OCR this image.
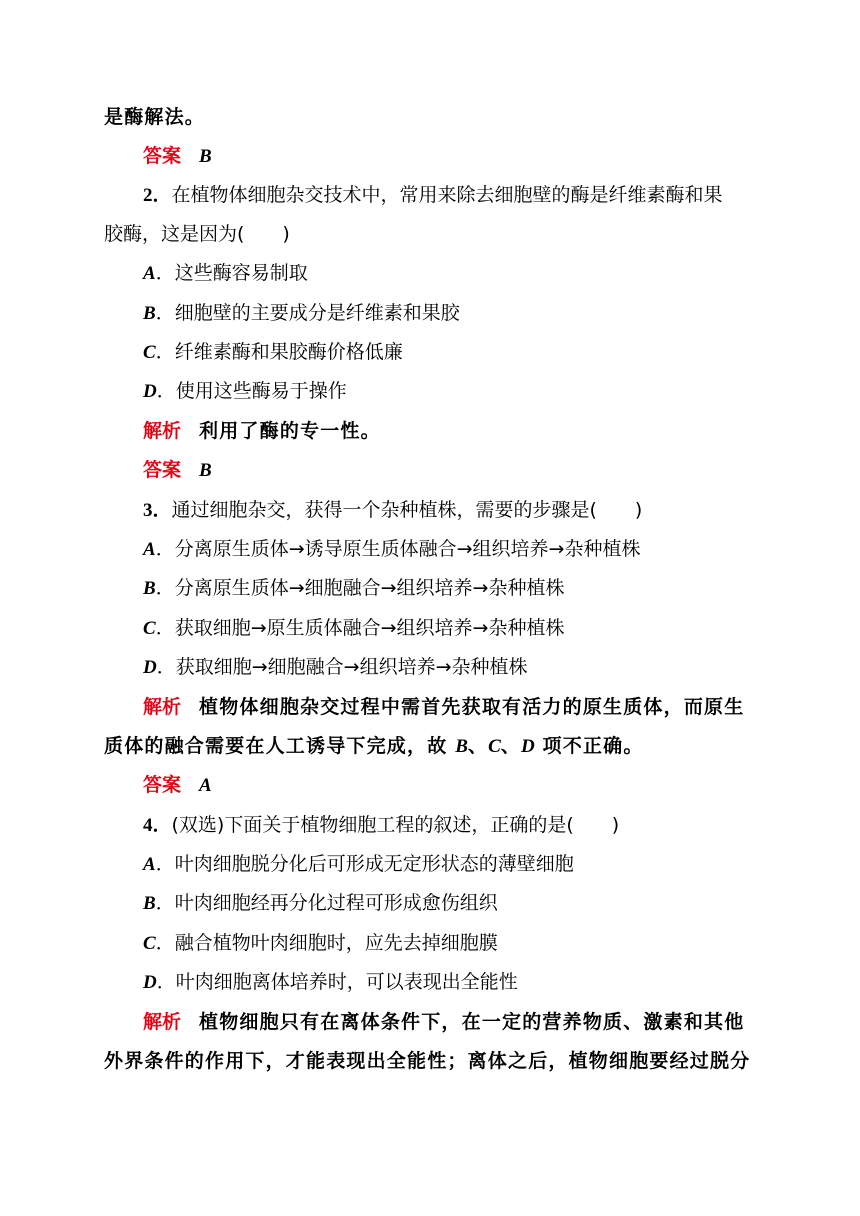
是酶解法。
答案 B
2．在植物体细胞杂交技术中，常用来除去细胞壁的酶是纤维素酶和果
胶酶，这是因为(　　)
A．这些酶容易制取
B．细胞壁的主要成分是纤维素和果胶
C．纤维素酶和果胶酶价格低廉
D．使用这些酶易于操作
解析 利用了酶的专一性。
答案 B
3．通过细胞杂交，获得一个杂种植株，需要的步骤是(　　)
A．分离原生质体→诱导原生质体融合→组织培养→杂种植株
B．分离原生质体→细胞融合→组织培养→杂种植株
C．获取细胞→原生质体融合→组织培养→杂种植株
D．获取细胞→细胞融合→组织培养→杂种植株
解析 植物体细胞杂交过程中需首先获取有活力的原生质体，而原生
质体的融合需要在人工诱导下完成，故 B、C、D 项不正确。
答案 A
4．(双选)下面关于植物细胞工程的叙述，正确的是(　　)
A．叶肉细胞脱分化后可形成无定形状态的薄壁细胞
B．叶肉细胞经再分化过程可形成愈伤组织
C．融合植物叶肉细胞时，应先去掉细胞膜
D．叶肉细胞离体培养时，可以表现出全能性
解析 植物细胞只有在离体条件下，在一定的营养物质、激素和其他
外界条件的作用下，才能表现出全能性；离体之后，植物细胞要经过脱分
